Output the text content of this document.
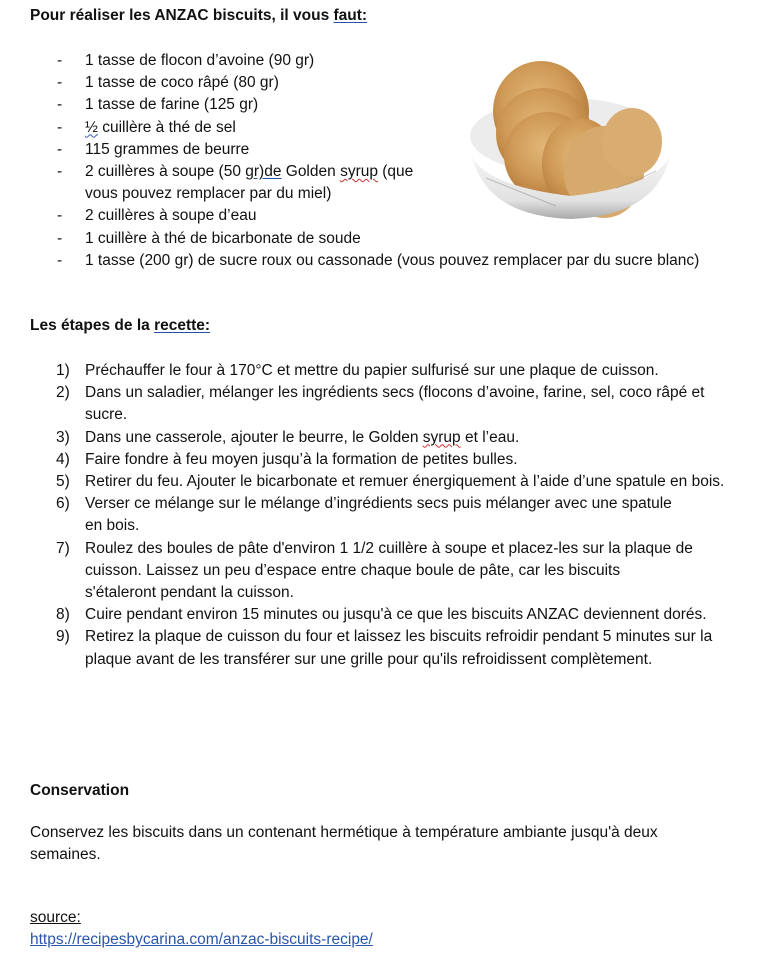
Pour réaliser les ANZAC biscuits, il vous faut:
- 1 tasse de flocon d’avoine (90 gr)
- 1 tasse de coco râpé (80 gr)
- 1 tasse de farine (125 gr)
- ½ cuillère à thé de sel
- 115 grammes de beurre
- 2 cuillères à soupe (50 gr)de Golden syrup (que vous pouvez remplacer par du miel)
- 2 cuillères à soupe d’eau
- 1 cuillère à thé de bicarbonate de soude
- 1 tasse (200 gr) de sucre roux ou cassonade (vous pouvez remplacer par du sucre blanc)
Les étapes de la recette:
1) Préchauffer le four à 170°C et mettre du papier sulfurisé sur une plaque de cuisson.
2) Dans un saladier, mélanger les ingrédients secs (flocons d’avoine, farine, sel, coco râpé et sucre.
3) Dans une casserole, ajouter le beurre, le Golden syrup et l’eau.
4) Faire fondre à feu moyen jusqu’à la formation de petites bulles.
5) Retirer du feu. Ajouter le bicarbonate et remuer énergiquement à l’aide d’une spatule en bois.
6) Verser ce mélange sur le mélange d’ingrédients secs puis mélanger avec une spatule en bois.
7) Roulez des boules de pâte d'environ 1 1/2 cuillère à soupe et placez-les sur la plaque de cuisson. Laissez un peu d’espace entre chaque boule de pâte, car les biscuits s'étaleront pendant la cuisson.
8) Cuire pendant environ 15 minutes ou jusqu'à ce que les biscuits ANZAC deviennent dorés.
9) Retirez la plaque de cuisson du four et laissez les biscuits refroidir pendant 5 minutes sur la plaque avant de les transférer sur une grille pour qu'ils refroidissent complètement.
Conservation
Conservez les biscuits dans un contenant hermétique à température ambiante jusqu'à deux semaines.
source:
https://recipesbycarina.com/anzac-biscuits-recipe/
